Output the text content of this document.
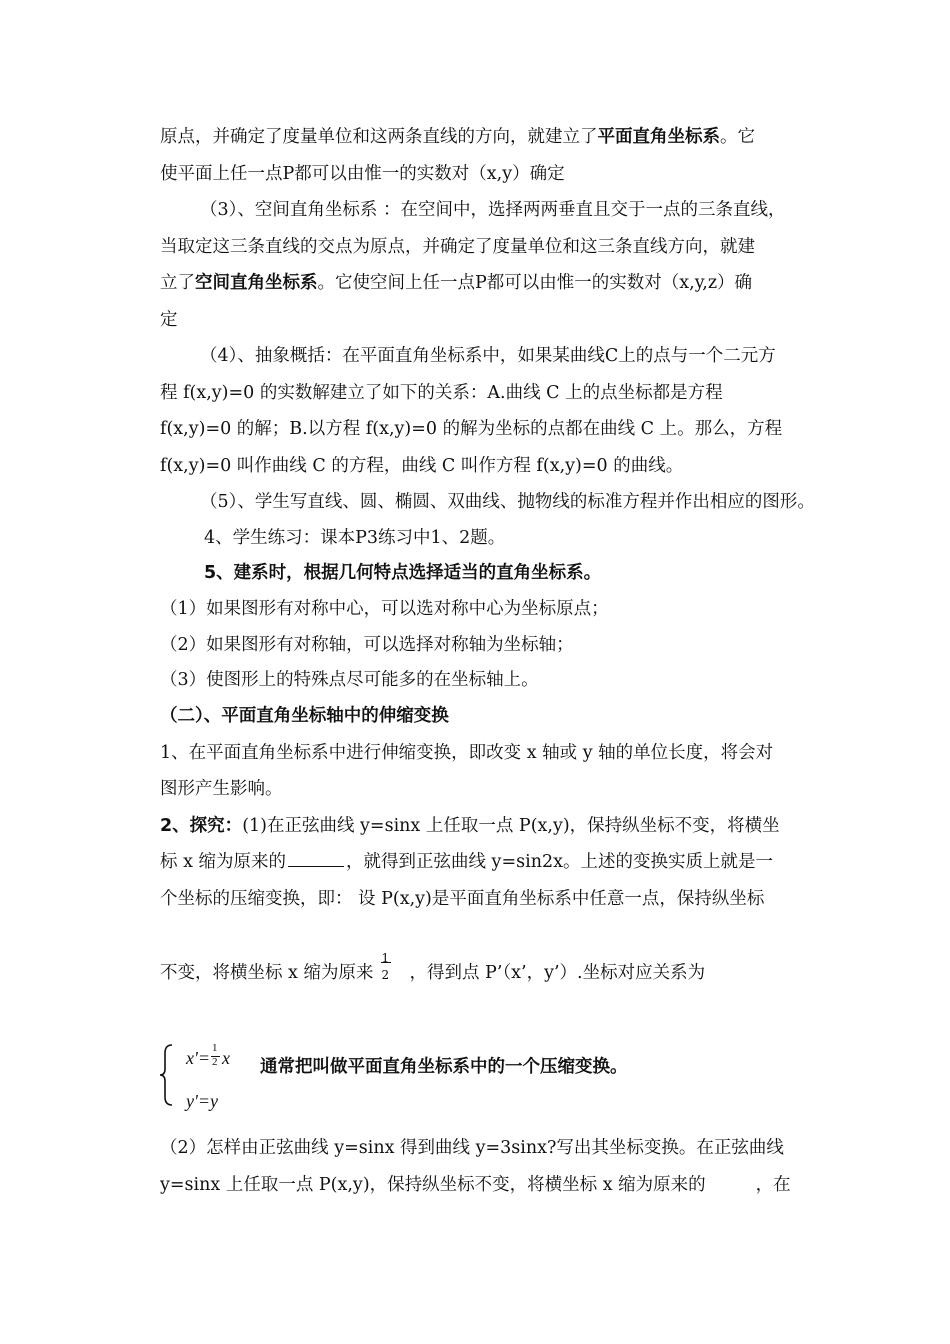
原点，并确定了度量单位和这两条直线的方向，就建立了平面直角坐标系。它
使平面上任一点P都可以由惟一的实数对（x,y）确定
（3）、空间直角坐标系 ：在空间中，选择两两垂直且交于一点的三条直线，
当取定这三条直线的交点为原点，并确定了度量单位和这三条直线方向，就建
立了空间直角坐标系。它使空间上任一点P都可以由惟一的实数对（x,y,z）确
定
（4）、抽象概括：在平面直角坐标系中，如果某曲线C上的点与一个二元方
程 f(x,y)=0 的实数解建立了如下的关系：A.曲线 C 上的点坐标都是方程
f(x,y)=0 的解；B.以方程 f(x,y)=0 的解为坐标的点都在曲线 C 上。那么，方程
f(x,y)=0 叫作曲线 C 的方程，曲线 C 叫作方程 f(x,y)=0 的曲线。
（5）、学生写直线、圆、椭圆、双曲线、抛物线的标准方程并作出相应的图形。
4、学生练习：课本P3练习中1、2题。
5、建系时，根据几何特点选择适当的直角坐标系。
（1）如果图形有对称中心，可以选对称中心为坐标原点；
（2）如果图形有对称轴，可以选择对称轴为坐标轴；
（3）使图形上的特殊点尽可能多的在坐标轴上。
（二）、平面直角坐标轴中的伸缩变换
1、在平面直角坐标系中进行伸缩变换，即改变 x 轴或 y 轴的单位长度，将会对
图形产生影响。
2、探究：(1)在正弦曲线 y=sinx 上任取一点 P(x,y)，保持纵坐标不变，将横坐
标 x 缩为原来的	，就得到正弦曲线 y=sin2x。上述的变换实质上就是一
个坐标的压缩变换，即： 设 P(x,y)是平面直角坐标系中任意一点，保持纵坐标
不变，将横坐标 x 缩为原来
1
2 ，得到点 P’（x’，y’）.坐标对应关系为
$x'= \frac{1}{2}$ x
y'=y
通常把叫做平面直角坐标系中的一个压缩变换。
（2）怎样由正弦曲线 y=sinx 得到曲线 y=3sinx?写出其坐标变换。在正弦曲线
y=sinx 上任取一点 P(x,y)，保持纵坐标不变，将横坐标 x 缩为原来的	，在
